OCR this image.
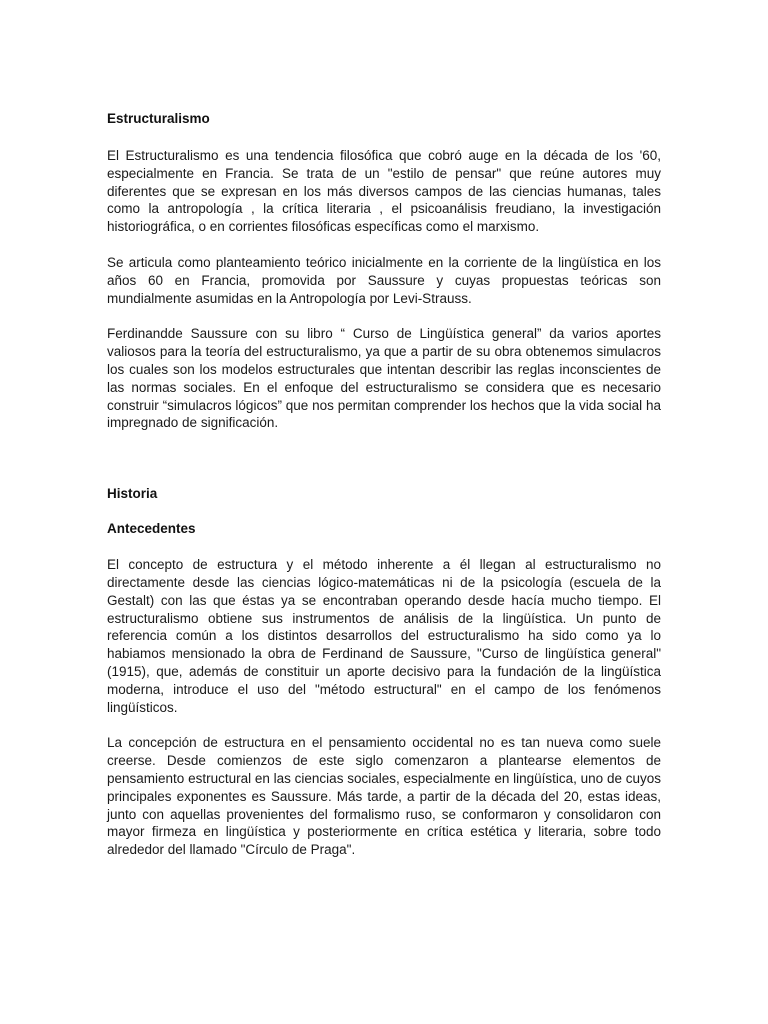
Estructuralismo

El Estructuralismo es una tendencia filosófica que cobró auge en la década de los '60, especialmente en Francia. Se trata de un "estilo de pensar" que reúne autores muy diferentes que se expresan en los más diversos campos de las ciencias humanas, tales como la antropología , la crítica literaria , el psicoanálisis freudiano, la investigación historiográfica, o en corrientes filosóficas específicas como el marxismo.

Se articula como planteamiento teórico inicialmente en la corriente de la lingüística en los años 60 en Francia, promovida por Saussure y cuyas propuestas teóricas son mundialmente asumidas en la Antropología por Levi-Strauss.

Ferdinandde Saussure con su libro “ Curso de Lingüística general” da varios aportes valiosos para la teoría del estructuralismo, ya que a partir de su obra obtenemos simulacros los cuales son los modelos estructurales que intentan describir las reglas inconscientes de las normas sociales. En el enfoque del estructuralismo se considera que es necesario construir “simulacros lógicos” que nos permitan comprender los hechos que la vida social ha impregnado de significación.

Historia
Antecedentes

El concepto de estructura y el método inherente a él llegan al estructuralismo no directamente desde las ciencias lógico-matemáticas ni de la psicología (escuela de la Gestalt) con las que éstas ya se encontraban operando desde hacía mucho tiempo. El estructuralismo obtiene sus instrumentos de análisis de la lingüística. Un punto de referencia común a los distintos desarrollos del estructuralismo ha sido como ya lo habiamos mensionado la obra de Ferdinand de Saussure, "Curso de lingüística general" (1915), que, además de constituir un aporte decisivo para la fundación de la lingüística moderna, introduce el uso del "método estructural" en el campo de los fenómenos lingüísticos.

La concepción de estructura en el pensamiento occidental no es tan nueva como suele creerse. Desde comienzos de este siglo comenzaron a plantearse elementos de pensamiento estructural en las ciencias sociales, especialmente en lingüística, uno de cuyos principales exponentes es Saussure. Más tarde, a partir de la década del 20, estas ideas, junto con aquellas provenientes del formalismo ruso, se conformaron y consolidaron con mayor firmeza en lingüística y posteriormente en crítica estética y literaria, sobre todo alrededor del llamado "Círculo de Praga".
